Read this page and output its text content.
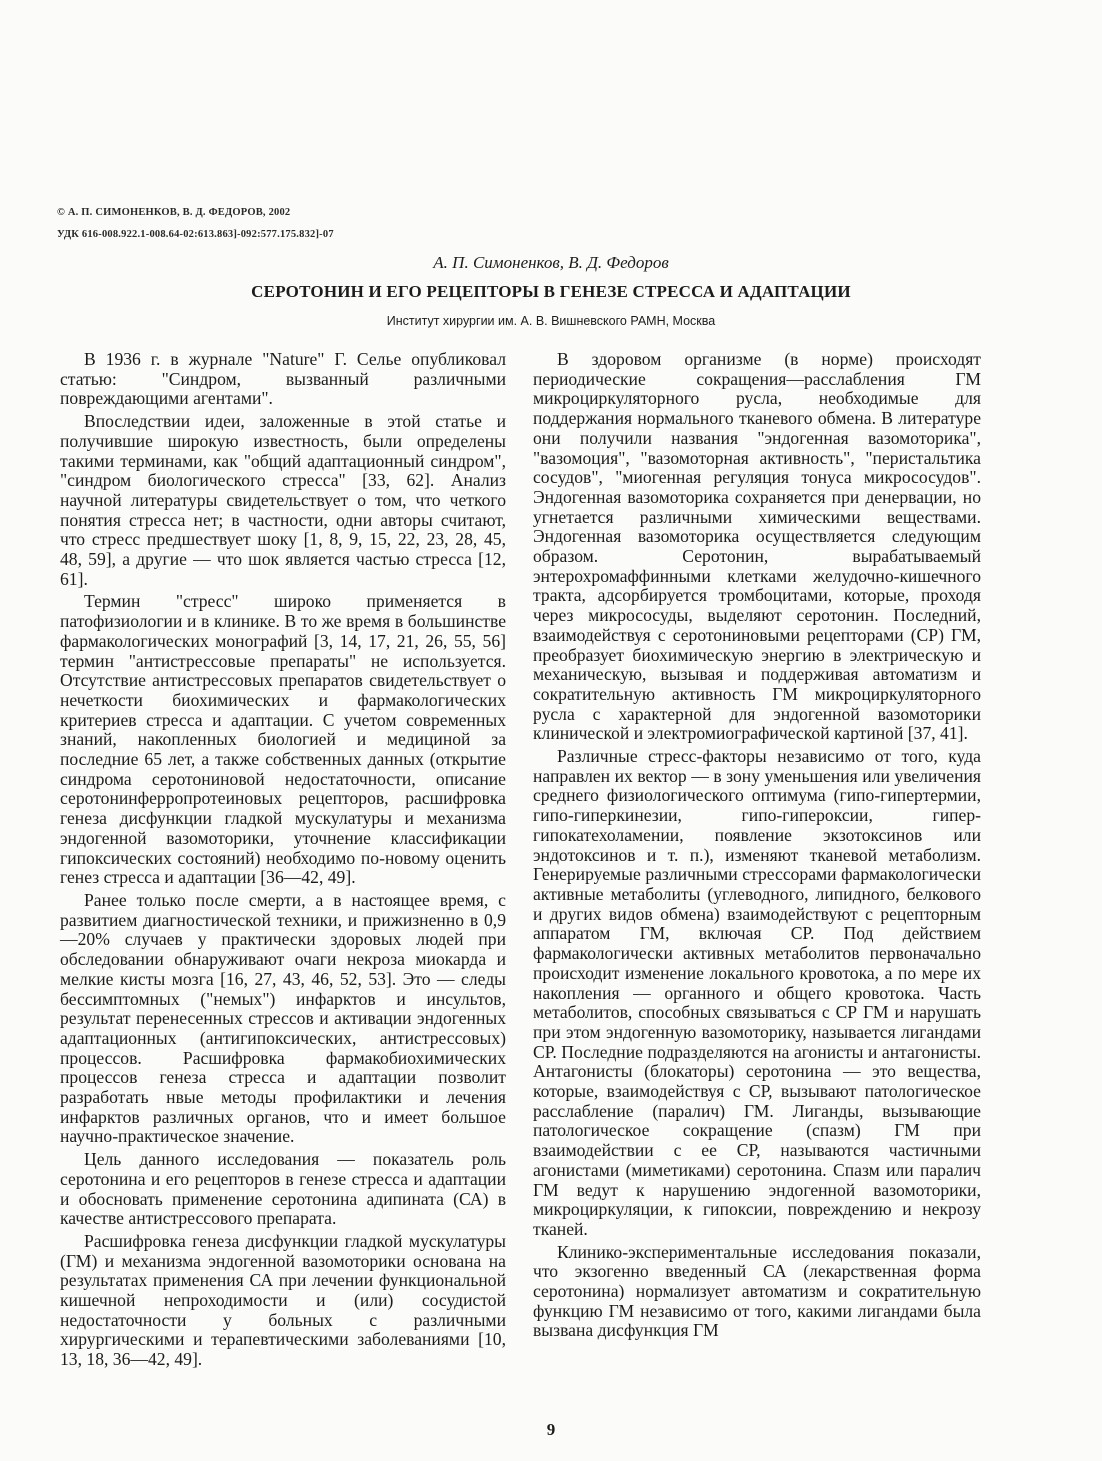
© А. П. СИМОНЕНКОВ, В. Д. ФЕДОРОВ, 2002
УДК 616-008.922.1-008.64-02:613.863]-092:577.175.832]-07
А. П. Симоненков, В. Д. Федоров
СЕРОТОНИН И ЕГО РЕЦЕПТОРЫ В ГЕНЕЗЕ СТРЕССА И АДАПТАЦИИ
Институт хирургии им. А. В. Вишневского РАМН, Москва

В 1936 г. в журнале "Nature" Г. Селье опубликовал статью: "Синдром, вызванный различными повреждающими агентами".

Впоследствии идеи, заложенные в этой статье и получившие широкую известность, были определены такими терминами, как "общий адаптационный синдром", "синдром биологического стресса" [33, 62]. Анализ научной литературы свидетельствует о том, что четкого понятия стресса нет; в частности, одни авторы считают, что стресс предшествует шоку [1, 8, 9, 15, 22, 23, 28, 45, 48, 59], а другие — что шок является частью стресса [12, 61].

Термин "стресс" широко применяется в патофизиологии и в клинике. В то же время в большинстве фармакологических монографий [3, 14, 17, 21, 26, 55, 56] термин "антистрессовые препараты" не используется. Отсутствие антистрессовых препаратов свидетельствует о нечеткости биохимических и фармакологических критериев стресса и адаптации. С учетом современных знаний, накопленных биологией и медициной за последние 65 лет, а также собственных данных (открытие синдрома серотониновой недостаточности, описание серотонинферропротеиновых рецепторов, расшифровка генеза дисфункции гладкой мускулатуры и механизма эндогенной вазомоторики, уточнение классификации гипоксических состояний) необходимо по-новому оценить генез стресса и адаптации [36—42, 49].

Ранее только после смерти, а в настоящее время, с развитием диагностической техники, и прижизненно в 0,9—20% случаев у практически здоровых людей при обследовании обнаруживают очаги некроза миокарда и мелкие кисты мозга [16, 27, 43, 46, 52, 53]. Это — следы бессимптомных ("немых") инфарктов и инсультов, результат перенесенных стрессов и активации эндогенных адаптационных (антигипоксических, антистрессовых) процессов. Расшифровка фармакобиохимических процессов генеза стресса и адаптации позволит разработать нвые методы профилактики и лечения инфарктов различных органов, что и имеет большое научно-практическое значение.

Цель данного исследования — показатель роль серотонина и его рецепторов в генезе стресса и адаптации и обосновать применение серотонина адипината (СА) в качестве антистрессового препарата.

Расшифровка генеза дисфункции гладкой мускулатуры (ГМ) и механизма эндогенной вазомоторики основана на результатах применения СА при лечении функциональной кишечной непроходимости и (или) сосудистой недостаточности у больных с различными хирургическими и терапевтическими заболеваниями [10, 13, 18, 36—42, 49].

В здоровом организме (в норме) происходят периодические сокращения—расслабления ГМ микроциркуляторного русла, необходимые для поддержания нормального тканевого обмена. В литературе они получили названия "эндогенная вазомоторика", "вазомоция", "вазомоторная активность", "перистальтика сосудов", "миогенная регуляция тонуса микрососудов". Эндогенная вазомоторика сохраняется при денервации, но угнетается различными химическими веществами. Эндогенная вазомоторика осуществляется следующим образом. Серотонин, вырабатываемый энтерохромаффинными клетками желудочно-кишечного тракта, адсорбируется тромбоцитами, которые, проходя через микрососуды, выделяют серотонин. Последний, взаимодействуя с серотониновыми рецепторами (СР) ГМ, преобразует биохимическую энергию в электрическую и механическую, вызывая и поддерживая автоматизм и сократительную активность ГМ микроциркуляторного русла с характерной для эндогенной вазомоторики клинической и электромиографической картиной [37, 41].

Различные стресс-факторы независимо от того, куда направлен их вектор — в зону уменьшения или увеличения среднего физиологического оптимума (гипо-гипертермии, гипо-гиперкинезии, гипо-гипероксии, гипер-гипокатехоламении, появление экзотоксинов или эндотоксинов и т. п.), изменяют тканевой метаболизм. Генерируемые различными стрессорами фармакологически активные метаболиты (углеводного, липидного, белкового и других видов обмена) взаимодействуют с рецепторным аппаратом ГМ, включая СР. Под действием фармакологически активных метаболитов первоначально происходит изменение локального кровотока, а по мере их накопления — органного и общего кровотока. Часть метаболитов, способных связываться с СР ГМ и нарушать при этом эндогенную вазомоторику, называется лигандами СР. Последние подразделяются на агонисты и антагонисты. Антагонисты (блокаторы) серотонина — это вещества, которые, взаимодействуя с СР, вызывают патологическое расслабление (паралич) ГМ. Лиганды, вызывающие патологическое сокращение (спазм) ГМ при взаимодействии с ее СР, называются частичными агонистами (миметиками) серотонина. Спазм или паралич ГМ ведут к нарушению эндогенной вазомоторики, микроциркуляции, к гипоксии, повреждению и некрозу тканей.

Клинико-экспериментальные исследования показали, что экзогенно введенный СА (лекарственная форма серотонина) нормализует автоматизм и сократительную функцию ГМ независимо от того, какими лигандами была вызвана дисфункция ГМ

9
